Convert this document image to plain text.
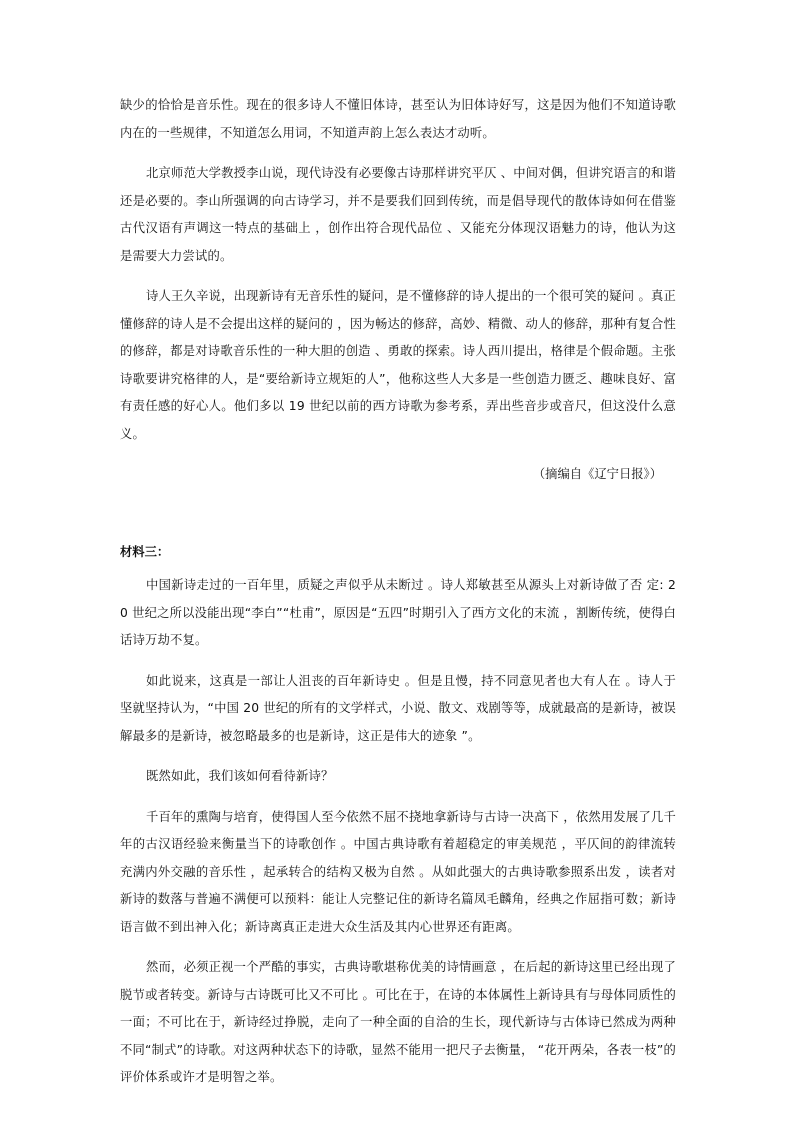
缺少的恰恰是音乐性。现在的很多诗人不懂旧体诗，甚至认为旧体诗好写，这是因为他们不知道诗歌内在的一些规律，不知道怎么用词，不知道声韵上怎么表达才动听。

北京师范大学教授李山说，现代诗没有必要像古诗那样讲究平仄 、中间对偶，但讲究语言的和谐还是必要的。李山所强调的向古诗学习，并不是要我们回到传统，而是倡导现代的散体诗如何在借鉴古代汉语有声调这一特点的基础上 ，创作出符合现代品位 、又能充分体现汉语魅力的诗，他认为这是需要大力尝试的。

诗人王久辛说，出现新诗有无音乐性的疑问，是不懂修辞的诗人提出的一个很可笑的疑问 。真正懂修辞的诗人是不会提出这样的疑问的 ，因为畅达的修辞，高妙、精微、动人的修辞，那种有复合性的修辞，都是对诗歌音乐性的一种大胆的创造 、勇敢的探索。诗人西川提出，格律是个假命题。主张诗歌要讲究格律的人，是“要给新诗立规矩的人”，他称这些人大多是一些创造力匮乏、趣味良好、富有责任感的好心人。他们多以 19 世纪以前的西方诗歌为参考系，弄出些音步或音尺，但这没什么意义。

（摘编自《辽宁日报》）
材料三：

中国新诗走过的一百年里，质疑之声似乎从未断过 。诗人郑敏甚至从源头上对新诗做了否 定: 20 世纪之所以没能出现“李白”“杜甫”，原因是“五四”时期引入了西方文化的末流 ，割断传统，使得白话诗万劫不复。

如此说来，这真是一部让人沮丧的百年新诗史 。但是且慢，持不同意见者也大有人在 。诗人于坚就坚持认为，“中国 20 世纪的所有的文学样式，小说、散文、戏剧等等，成就最高的是新诗，被误解最多的是新诗，被忽略最多的也是新诗，这正是伟大的迹象 ”。

既然如此，我们该如何看待新诗？

千百年的熏陶与培育，使得国人至今依然不屈不挠地拿新诗与古诗一决高下 ，依然用发展了几千年的古汉语经验来衡量当下的诗歌创作 。中国古典诗歌有着超稳定的审美规范 ，平仄间的韵律流转充满内外交融的音乐性 ，起承转合的结构又极为自然 。从如此强大的古典诗歌参照系出发 ，读者对新诗的数落与普遍不满便可以预料：能让人完整记住的新诗名篇凤毛麟角，经典之作屈指可数；新诗语言做不到出神入化；新诗离真正走进大众生活及其内心世界还有距离。

然而，必须正视一个严酷的事实，古典诗歌堪称优美的诗情画意 ，在后起的新诗这里已经出现了脱节或者转变。新诗与古诗既可比又不可比 。可比在于，在诗的本体属性上新诗具有与母体同质性的一面；不可比在于，新诗经过挣脱，走向了一种全面的自洽的生长，现代新诗与古体诗已然成为两种不同“制式”的诗歌。对这两种状态下的诗歌，显然不能用一把尺子去衡量， “花开两朵，各表一枝”的评价体系或许才是明智之举。
